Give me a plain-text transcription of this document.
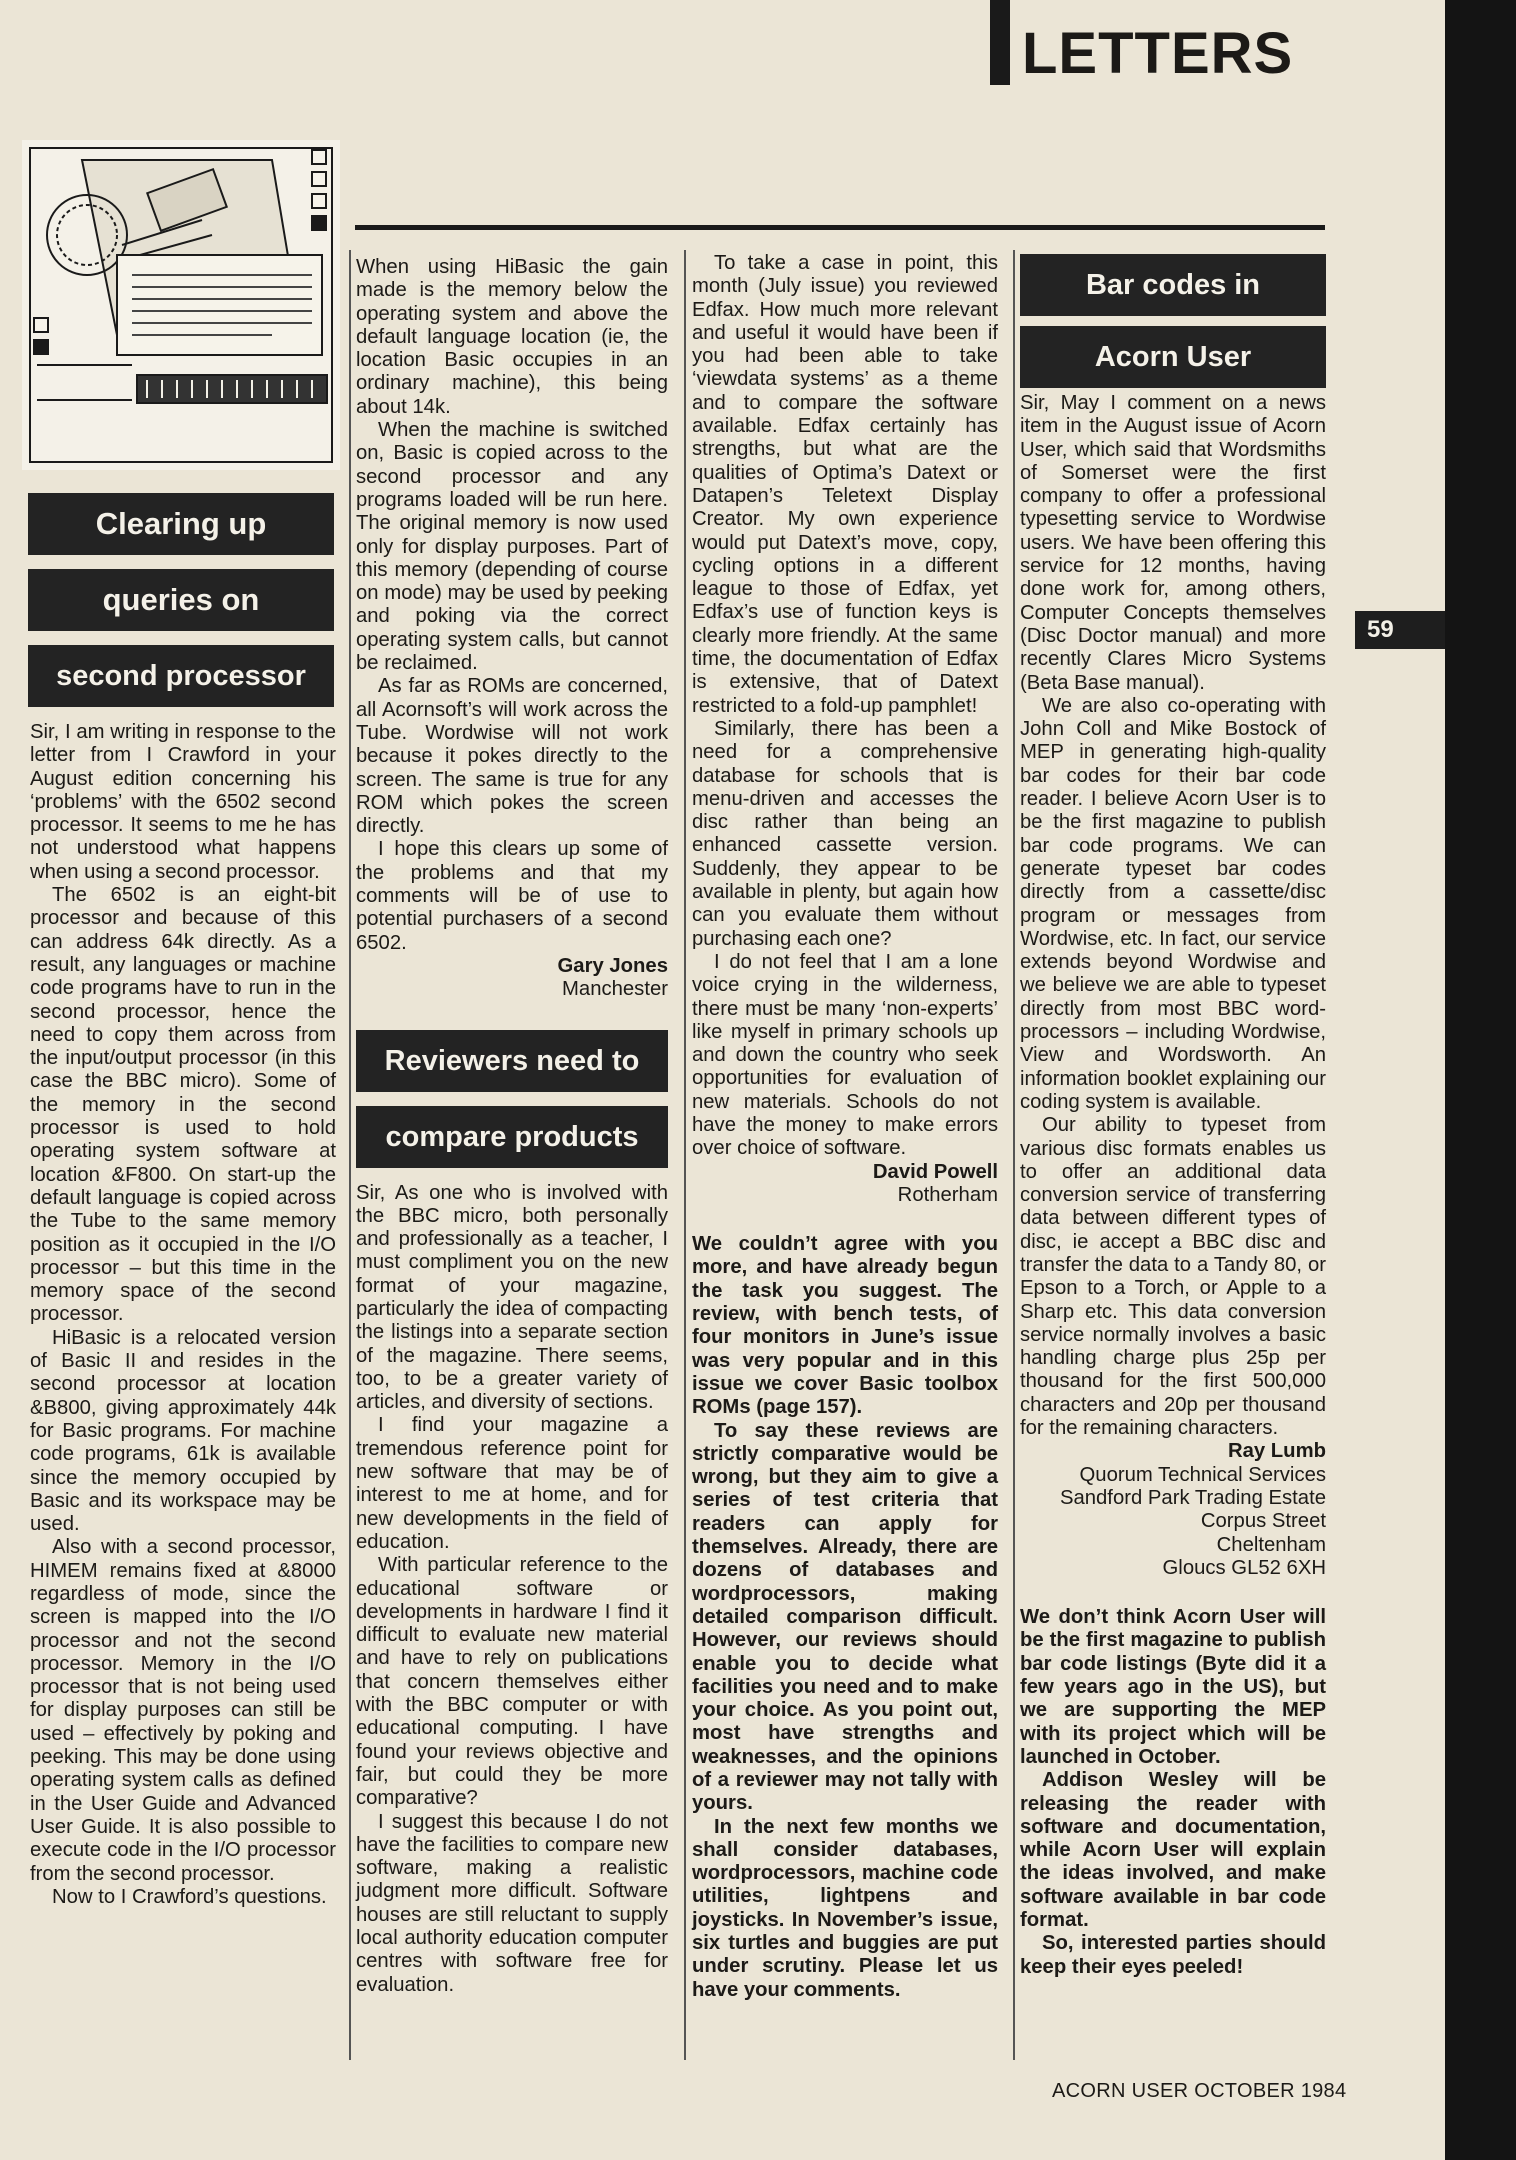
LETTERS
Clearing up
queries on
second processor

Sir, I am writing in response to the letter from I Crawford in your August edition concerning his ‘problems’ with the 6502 second processor. It seems to me he has not understood what happens when using a second processor.

The 6502 is an eight-bit processor and because of this can address 64k directly. As a result, any languages or machine code programs have to run in the second processor, hence the need to copy them across from the input/output processor (in this case the BBC micro). Some of the memory in the second processor is used to hold operating system software at location &F800. On start-up the default language is copied across the Tube to the same memory position as it occupied in the I/O processor – but this time in the memory space of the second processor.

HiBasic is a relocated version of Basic II and resides in the second processor at location &B800, giving approximately 44k for Basic programs. For machine code programs, 61k is available since the memory occupied by Basic and its workspace may be used.

Also with a second processor, HIMEM remains fixed at &8000 regardless of mode, since the screen is mapped into the I/O processor and not the second processor. Memory in the I/O processor that is not being used for display purposes can still be used – effectively by poking and peeking. This may be done using operating system calls as defined in the User Guide and Advanced User Guide. It is also possible to execute code in the I/O processor from the second processor.

Now to I Crawford’s questions.

When using HiBasic the gain made is the memory below the operating system and above the default language location (ie, the location Basic occupies in an ordinary machine), this being about 14k.

When the machine is switched on, Basic is copied across to the second processor and any programs loaded will be run here. The original memory is now used only for display purposes. Part of this memory (depending of course on mode) may be used by peeking and poking via the correct operating system calls, but cannot be reclaimed.

As far as ROMs are concerned, all Acornsoft’s will work across the Tube. Wordwise will not work because it pokes directly to the screen. The same is true for any ROM which pokes the screen directly.

I hope this clears up some of the problems and that my comments will be of use to potential purchasers of a second 6502.

Gary Jones
Manchester
Reviewers need to
compare products

Sir, As one who is involved with the BBC micro, both personally and professionally as a teacher, I must compliment you on the new format of your magazine, particularly the idea of compacting the listings into a separate section of the magazine. There seems, too, to be a greater variety of articles, and diversity of sections.

I find your magazine a tremendous reference point for new software that may be of interest to me at home, and for new developments in the field of education.

With particular reference to the educational software or developments in hardware I find it difficult to evaluate new material and have to rely on publications that concern themselves either with the BBC computer or with educational computing. I have found your reviews objective and fair, but could they be more comparative?

I suggest this because I do not have the facilities to compare new software, making a realistic judgment more difficult. Software houses are still reluctant to supply local authority education computer centres with software free for evaluation.

To take a case in point, this month (July issue) you reviewed Edfax. How much more relevant and useful it would have been if you had been able to take ‘viewdata systems’ as a theme and to compare the software available. Edfax certainly has strengths, but what are the qualities of Optima’s Datext or Datapen’s Teletext Display Creator. My own experience would put Datext’s move, copy, cycling options in a different league to those of Edfax, yet Edfax’s use of function keys is clearly more friendly. At the same time, the documentation of Edfax is extensive, that of Datext restricted to a fold-up pamphlet!

Similarly, there has been a need for a comprehensive database for schools that is menu-driven and accesses the disc rather than being an enhanced cassette version. Suddenly, they appear to be available in plenty, but again how can you evaluate them without purchasing each one?

I do not feel that I am a lone voice crying in the wilderness, there must be many ‘non-experts’ like myself in primary schools up and down the country who seek opportunities for evaluation of new materials. Schools do not have the money to make errors over choice of software.

David Powell
Rotherham

We couldn’t agree with you more, and have already begun the task you suggest. The review, with bench tests, of four monitors in June’s issue was very popular and in this issue we cover Basic toolbox ROMs (page 157).

To say these reviews are strictly comparative would be wrong, but they aim to give a series of test criteria that readers can apply for themselves. Already, there are dozens of databases and wordprocessors, making detailed comparison difficult. However, our reviews should enable you to decide what facilities you need and to make your choice. As you point out, most have strengths and weaknesses, and the opinions of a reviewer may not tally with yours.

In the next few months we shall consider databases, wordprocessors, machine code utilities, lightpens and joysticks. In November’s issue, six turtles and buggies are put under scrutiny. Please let us have your comments.

Bar codes in
Acorn User

Sir, May I comment on a news item in the August issue of Acorn User, which said that Wordsmiths of Somerset were the first company to offer a professional typesetting service to Wordwise users. We have been offering this service for 12 months, having done work for, among others, Computer Concepts themselves (Disc Doctor manual) and more recently Clares Micro Systems (Beta Base manual).

We are also co-operating with John Coll and Mike Bostock of MEP in generating high-quality bar codes for their bar code reader. I believe Acorn User is to be the first magazine to publish bar code programs. We can generate typeset bar codes directly from a cassette/disc program or messages from Wordwise, etc. In fact, our service extends beyond Wordwise and we believe we are able to typeset directly from most BBC word-processors – including Wordwise, View and Wordsworth. An information booklet explaining our coding system is available.

Our ability to typeset from various disc formats enables us to offer an additional data conversion service of transferring data between different types of disc, ie accept a BBC disc and transfer the data to a Tandy 80, or Epson to a Torch, or Apple to a Sharp etc. This data conversion service normally involves a basic handling charge plus 25p per thousand for the first 500,000 characters and 20p per thousand for the remaining characters.

Ray Lumb
Quorum Technical Services
Sandford Park Trading Estate
Corpus Street
Cheltenham
Gloucs GL52 6XH

We don’t think Acorn User will be the first magazine to publish bar code listings (Byte did it a few years ago in the US), but we are supporting the MEP with its project which will be launched in October.

Addison Wesley will be releasing the reader with software and documentation, while Acorn User will explain the ideas involved, and make software available in bar code format.

So, interested parties should keep their eyes peeled!

ACORN USER OCTOBER 1984
59
